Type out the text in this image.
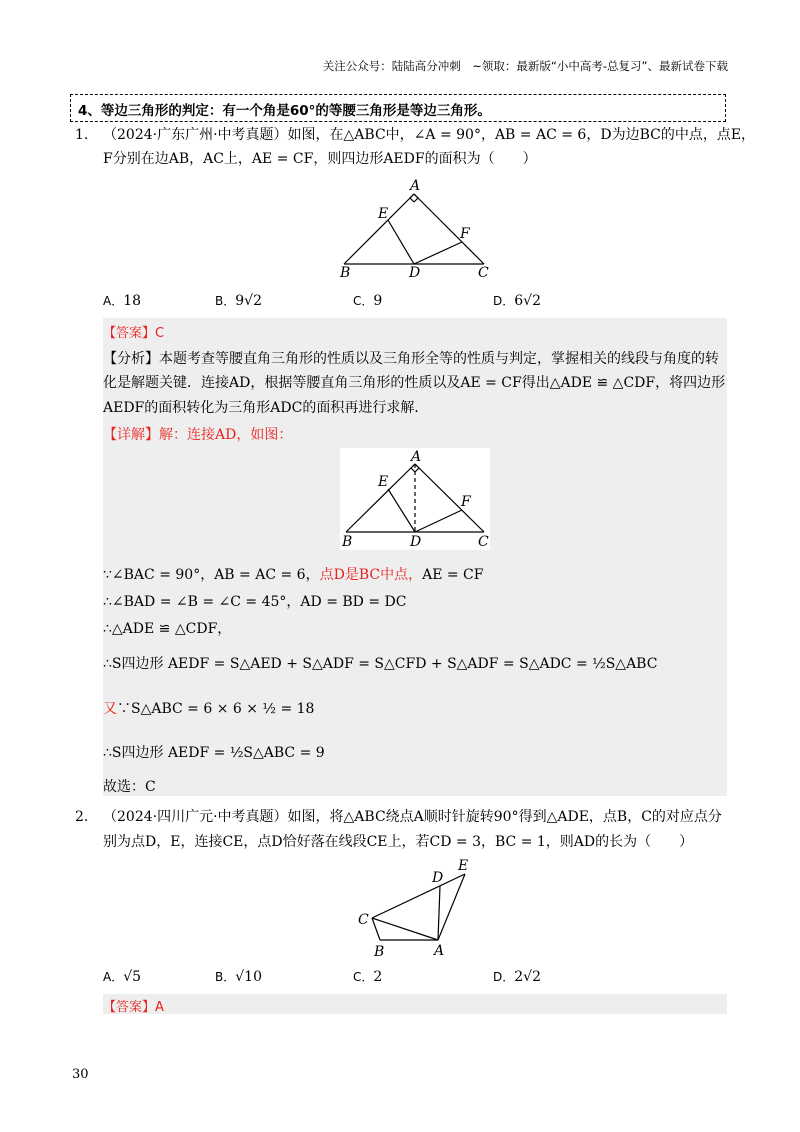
关注公众号：陆陆高分冲刺　~领取：最新版“小中高考-总复习”、最新试卷下载
4、等边三角形的判定：有一个角是60°的等腰三角形是等边三角形。
1. （2024·广东广州·中考真题）如图，在△ABC中，∠A = 90°，AB = AC = 6，D为边BC的中点，点E，
F分别在边AB，AC上，AE = CF，则四边形AEDF的面积为（　　）
A
B	C
D
E
F
A．18	B．9√2	C．9	D．6√2
【答案】C
【分析】本题考查等腰直角三角形的性质以及三角形全等的性质与判定，掌握相关的线段与角度的转
化是解题关键．连接AD，根据等腰直角三角形的性质以及AE = CF得出△ADE ≌ △CDF，将四边形
AEDF的面积转化为三角形ADC的面积再进行求解．
【详解】解：连接AD，如图：
A
B	C
D
E
F
∵∠BAC = 90°，AB = AC = 6，点D是BC中点，AE = CF
∴∠BAD = ∠B = ∠C = 45°，AD = BD = DC
∴△ADE ≌ △CDF，
∴S四边形 AEDF = S△AED + S△ADF = S△CFD + S△ADF = S△ADC = ½S△ABC
又∵S△ABC = 6 × 6 × ½ = 18
∴S四边形 AEDF = ½S△ABC = 9
故选：C
2. （2024·四川广元·中考真题）如图，将△ABC绕点A顺时针旋转90°得到△ADE，点B，C的对应点分
别为点D，E，连接CE，点D恰好落在线段CE上，若CD = 3，BC = 1，则AD的长为（　　）
A
B
C
D
E
A．√5	B．√10	C．2	D．2√2
【答案】A
30
